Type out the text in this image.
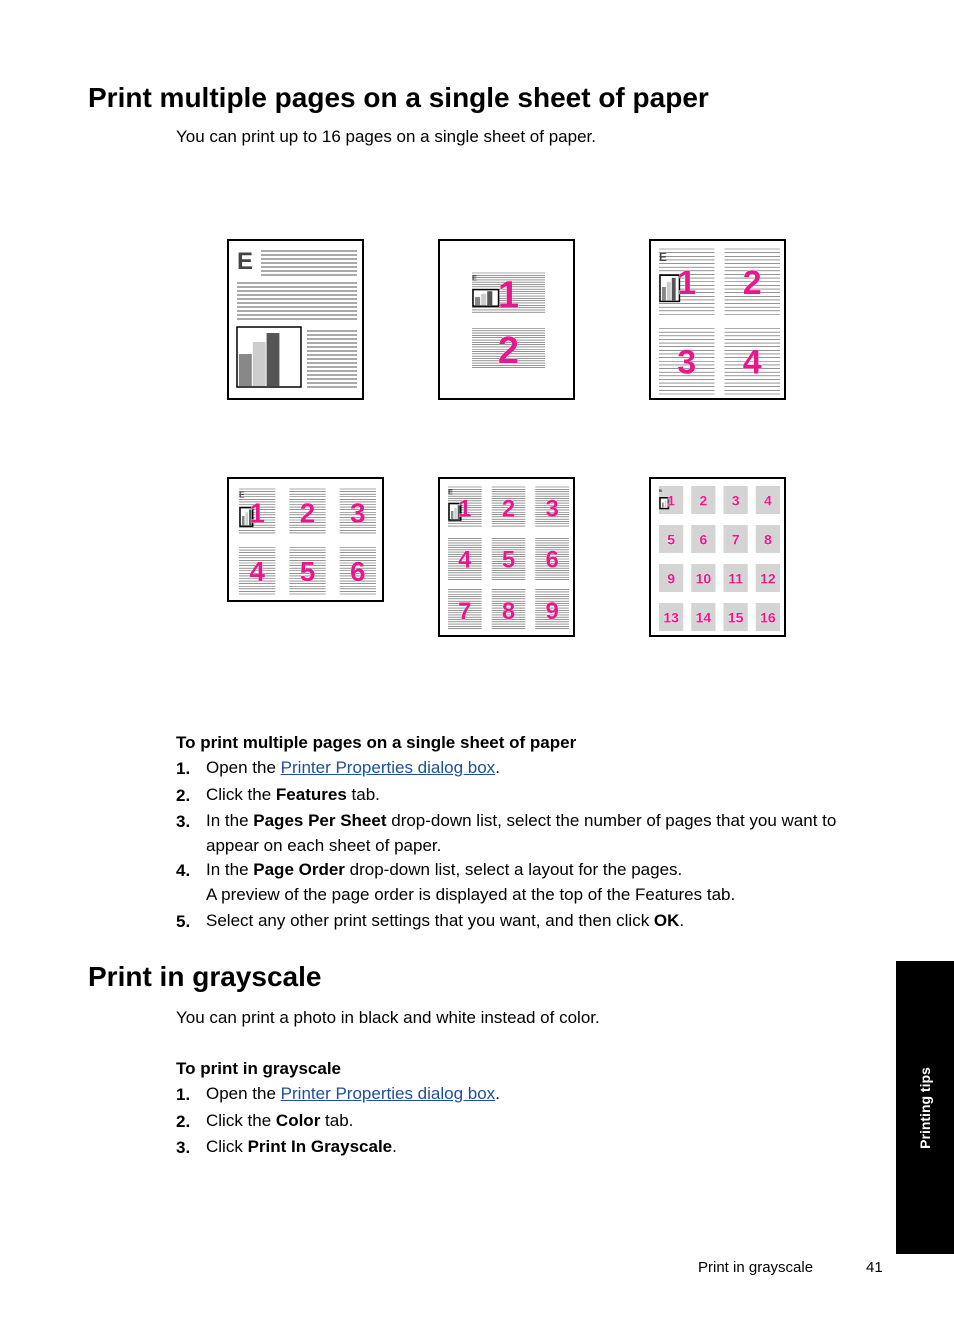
Print multiple pages on a single sheet of paper

You can print up to 16 pages on a single sheet of paper.

E
E 1
2
E
1 2
3 4
E
1 2 3
4 5 6
E
1 2 3
4 5 6
7 8 9
E
1 2 3 4
5 6 7 8
9 10 11 12
13 14 15 16

To print multiple pages on a single sheet of paper

1. Open the Printer Properties dialog box.
2. Click the Features tab.
3. In the Pages Per Sheet drop-down list, select the number of pages that you want to
appear on each sheet of paper.
4. In the Page Order drop-down list, select a layout for the pages.
A preview of the page order is displayed at the top of the Features tab.
5. Select any other print settings that you want, and then click OK.
Print in grayscale

You can print a photo in black and white instead of color.

To print in grayscale

1. Open the Printer Properties dialog box.
2. Click the Color tab.
3. Click Print In Grayscale.	Printing tips
Print in grayscale	41
